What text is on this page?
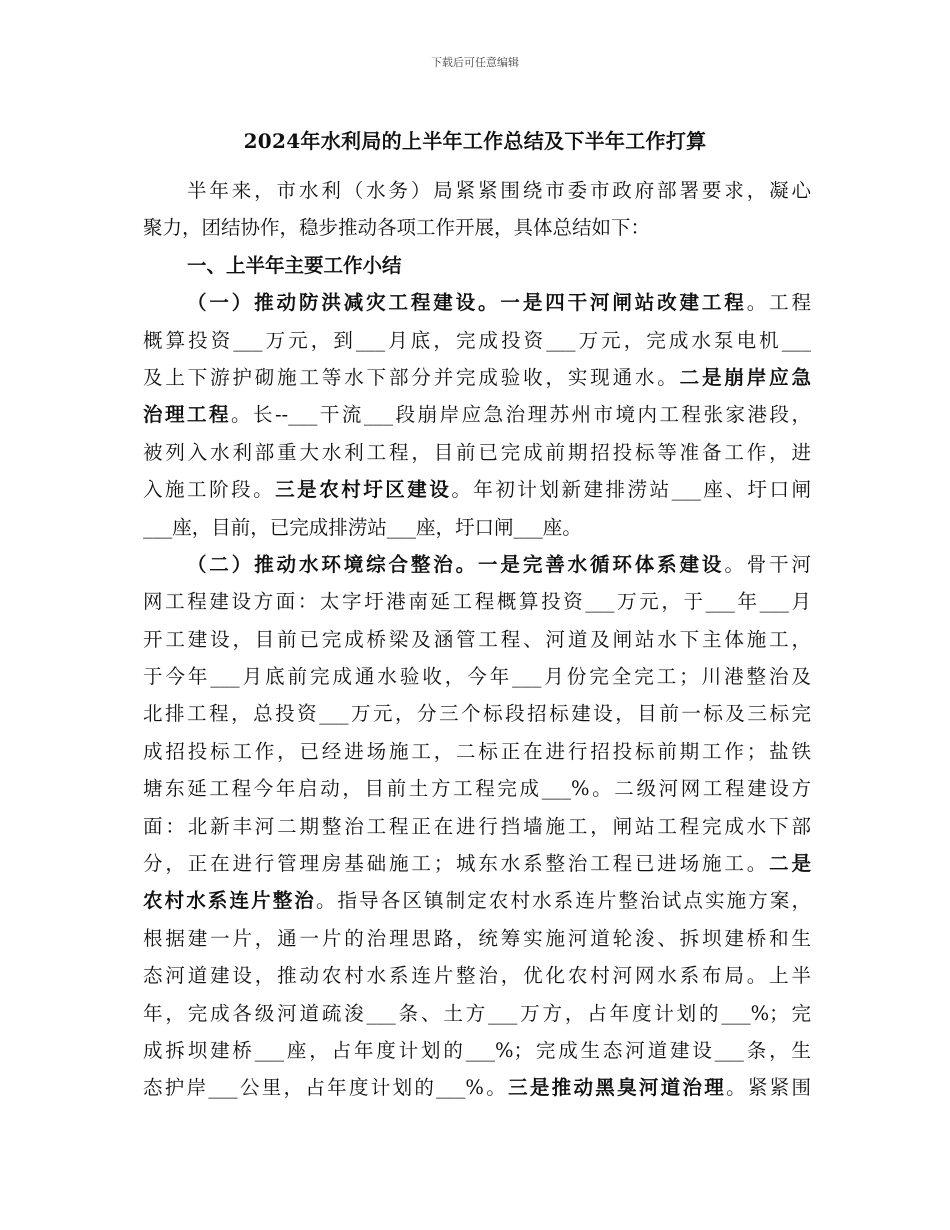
下载后可任意编辑
2024年水利局的上半年工作总结及下半年工作打算
半年来，市水利（水务）局紧紧围绕市委市政府部署要求，凝心
聚力，团结协作，稳步推动各项工作开展，具体总结如下：
一、上半年主要工作小结
（一）推动防洪减灾工程建设。一是四干河闸站改建工程。工程
概算投资___万元，到___月底，完成投资___万元，完成水泵电机___
及上下游护砌施工等水下部分并完成验收，实现通水。二是崩岸应急
治理工程。长--___干流___段崩岸应急治理苏州市境内工程张家港段，
被列入水利部重大水利工程，目前已完成前期招投标等准备工作，进
入施工阶段。三是农村圩区建设。年初计划新建排涝站___座、圩口闸
___座，目前，已完成排涝站___座，圩口闸___座。
（二）推动水环境综合整治。一是完善水循环体系建设。骨干河
网工程建设方面：太字圩港南延工程概算投资___万元，于___年___月
开工建设，目前已完成桥梁及涵管工程、河道及闸站水下主体施工，
于今年___月底前完成通水验收，今年___月份完全完工；川港整治及
北排工程，总投资___万元，分三个标段招标建设，目前一标及三标完
成招投标工作，已经进场施工，二标正在进行招投标前期工作；盐铁
塘东延工程今年启动，目前土方工程完成___%。二级河网工程建设方
面：北新丰河二期整治工程正在进行挡墙施工，闸站工程完成水下部
分，正在进行管理房基础施工；城东水系整治工程已进场施工。二是
农村水系连片整治。指导各区镇制定农村水系连片整治试点实施方案，
根据建一片，通一片的治理思路，统筹实施河道轮浚、拆坝建桥和生
态河道建设，推动农村水系连片整治，优化农村河网水系布局。上半
年，完成各级河道疏浚___条、土方___万方，占年度计划的___%；完
成拆坝建桥___座，占年度计划的___%；完成生态河道建设___条，生
态护岸___公里，占年度计划的___%。三是推动黑臭河道治理。紧紧围
